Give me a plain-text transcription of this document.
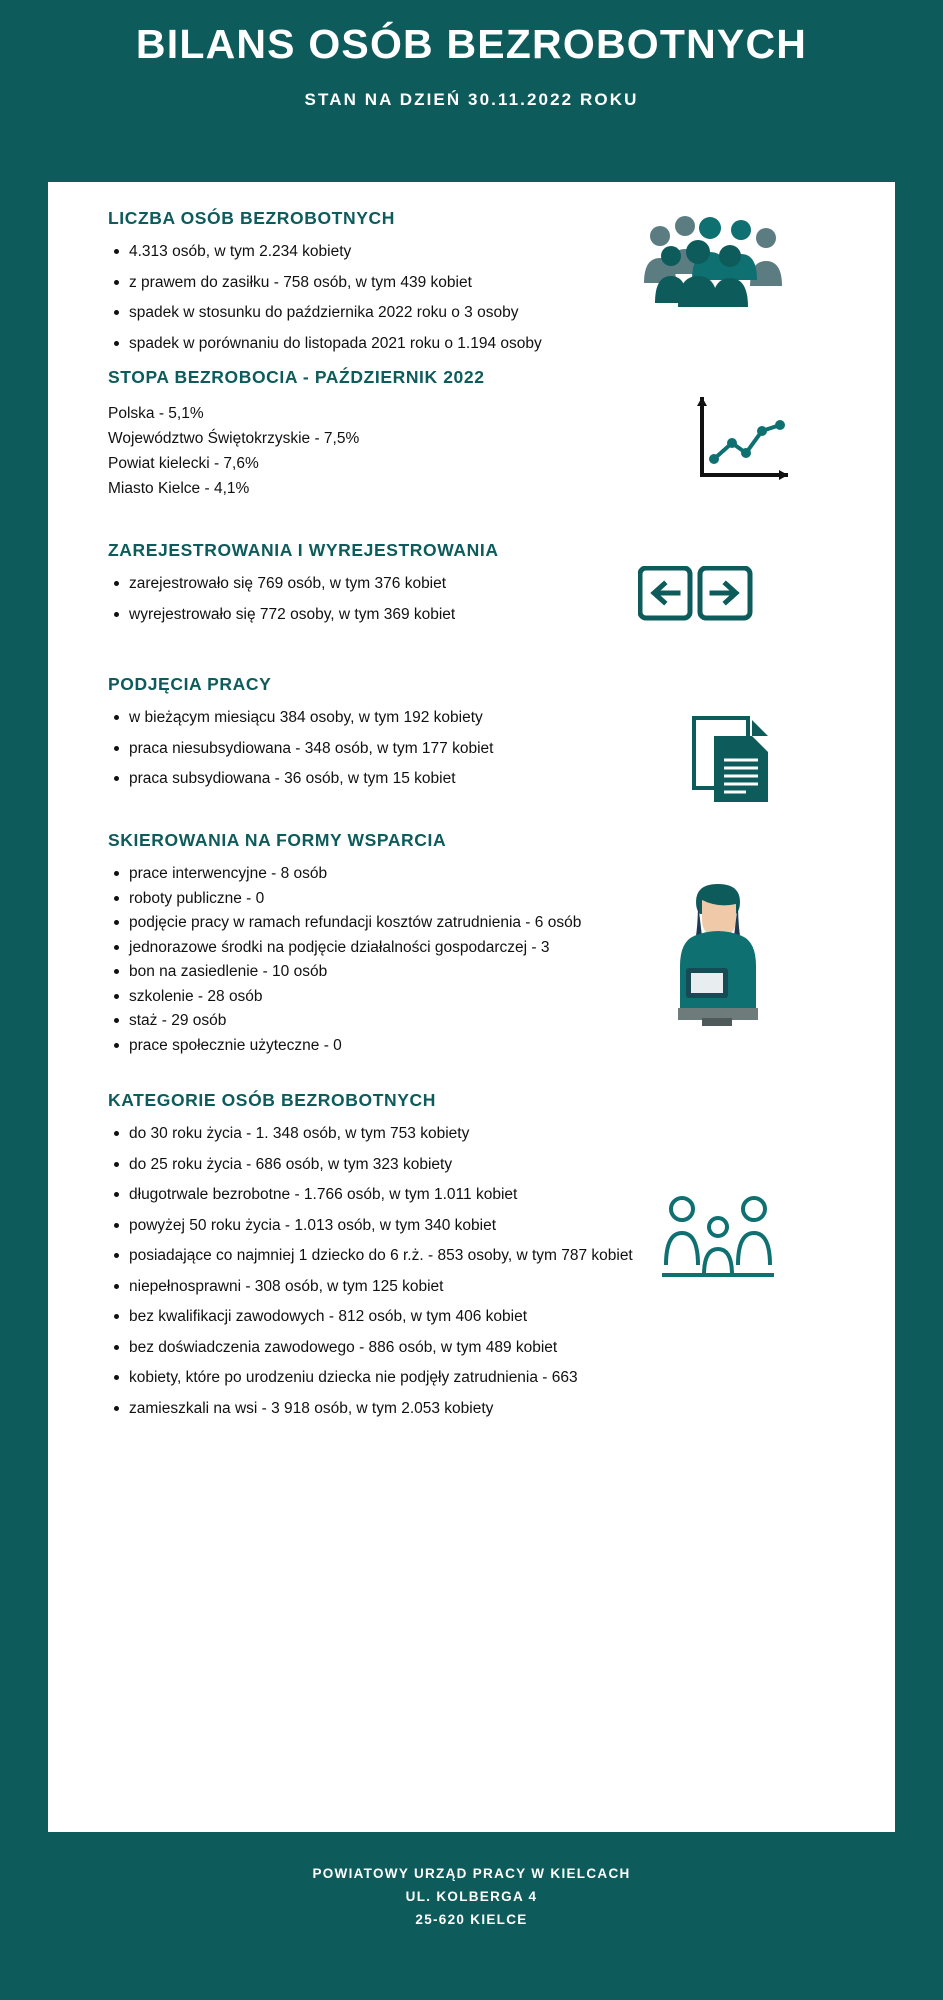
BILANS OSÓB BEZROBOTNYCH
STAN NA DZIEŃ 30.11.2022 ROKU
LICZBA OSÓB BEZROBOTNYCH
4.313 osób, w tym 2.234 kobiety
z prawem do zasiłku - 758 osób, w tym 439 kobiet
spadek w stosunku do października 2022 roku o 3 osoby
spadek w porównaniu do listopada 2021 roku o 1.194 osoby
STOPA BEZROBOCIA - PAŹDZIERNIK 2022

Polska - 5,1%

Województwo Świętokrzyskie - 7,5%

Powiat kielecki - 7,6%

Miasto Kielce - 4,1%

ZAREJESTROWANIA I WYREJESTROWANIA
zarejestrowało się 769 osób, w tym 376 kobiet
wyrejestrowało się 772 osoby, w tym 369 kobiet
PODJĘCIA PRACY
w bieżącym miesiącu 384 osoby, w tym 192 kobiety
praca niesubsydiowana - 348 osób, w tym 177 kobiet
praca subsydiowana - 36 osób, w tym 15 kobiet
SKIEROWANIA NA FORMY WSPARCIA
prace interwencyjne - 8 osób
roboty publiczne - 0
podjęcie pracy w ramach refundacji kosztów zatrudnienia - 6 osób
jednorazowe środki na podjęcie działalności gospodarczej - 3
bon na zasiedlenie - 10 osób
szkolenie - 28 osób
staż - 29 osób
prace społecznie użyteczne - 0
KATEGORIE OSÓB BEZROBOTNYCH
do 30 roku życia - 1. 348 osób, w tym 753 kobiety
do 25 roku życia - 686 osób, w tym 323 kobiety
długotrwale bezrobotne - 1.766 osób, w tym 1.011 kobiet
powyżej 50 roku życia - 1.013 osób, w tym 340 kobiet
posiadające co najmniej 1 dziecko do 6 r.ż. - 853 osoby, w tym 787 kobiet
niepełnosprawni - 308 osób, w tym 125 kobiet
bez kwalifikacji zawodowych - 812 osób, w tym 406 kobiet
bez doświadczenia zawodowego - 886 osób, w tym 489 kobiet
kobiety, które po urodzeniu dziecka nie podjęły zatrudnienia - 663
zamieszkali na wsi - 3 918 osób, w tym 2.053 kobiety
POWIATOWY URZĄD PRACY W KIELCACH
UL. KOLBERGA 4
25-620 KIELCE
